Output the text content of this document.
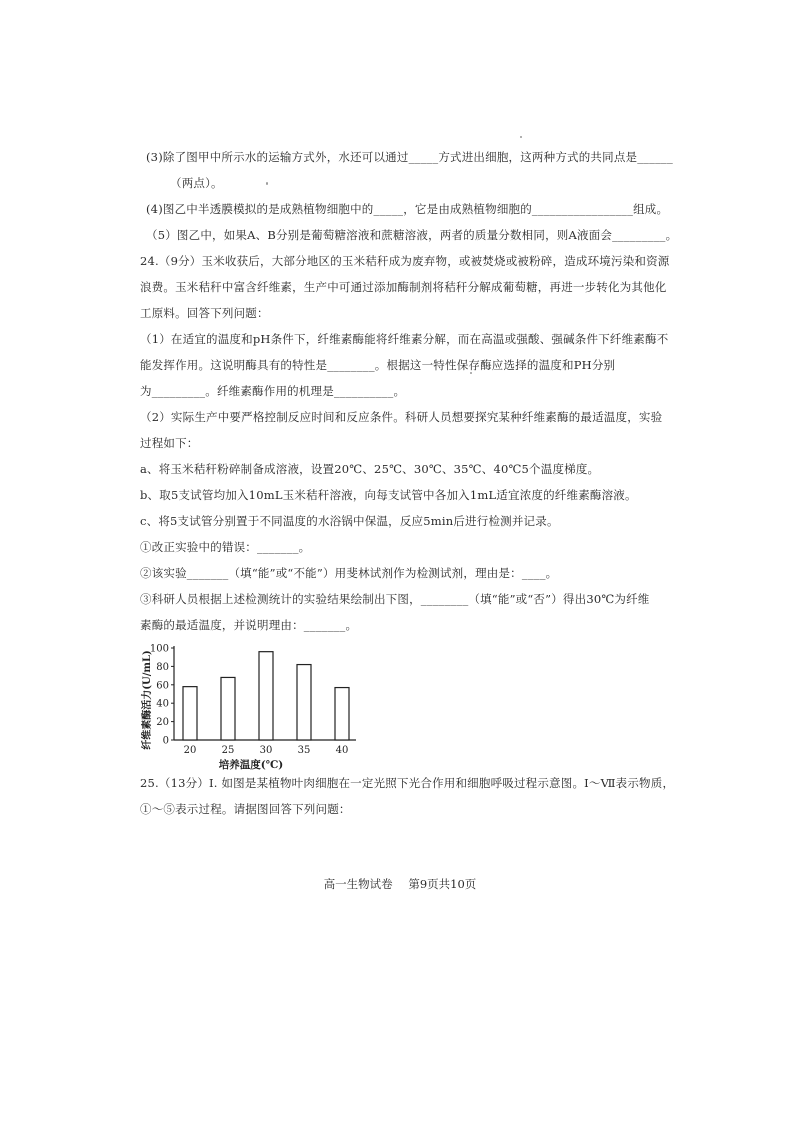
(3)除了图甲中所示水的运输方式外，水还可以通过_____方式进出细胞，这两种方式的共同点是______
（两点）。
(4)图乙中半透膜模拟的是成熟植物细胞中的_____，它是由成熟植物细胞的_________________组成。
（5）图乙中，如果A、B分别是葡萄糖溶液和蔗糖溶液，两者的质量分数相同，则A液面会_________。
24.（9分）玉米收获后，大部分地区的玉米秸秆成为废弃物，或被焚烧或被粉碎，造成环境污染和资源
浪费。玉米秸秆中富含纤维素，生产中可通过添加酶制剂将秸秆分解成葡萄糖，再进一步转化为其他化
工原料。回答下列问题：
（1）在适宜的温度和pH条件下，纤维素酶能将纤维素分解，而在高温或强酸、强碱条件下纤维素酶不
能发挥作用。这说明酶具有的特性是________。根据这一特性保存酶应选择的温度和PH分别
为_________。纤维素酶作用的机理是__________。
（2）实际生产中要严格控制反应时间和反应条件。科研人员想要探究某种纤维素酶的最适温度，实验
过程如下：
a、将玉米秸秆粉碎制备成溶液，设置20℃、25℃、30℃、35℃、40℃5个温度梯度。
b、取5支试管均加入10mL玉米秸秆溶液，向每支试管中各加入1mL适宜浓度的纤维素酶溶液。
c、将5支试管分别置于不同温度的水浴锅中保温，反应5min后进行检测并记录。
①改正实验中的错误：_______。
②该实验_______（填“能”或“不能”）用斐林试剂作为检测试剂，理由是：____。
③科研人员根据上述检测统计的实验结果绘制出下图，________（填“能”或“否”）得出30℃为纤维
素酶的最适温度，并说明理由：_______。
0
20
40
60
80
100
20	25	30	35	40
培养温度(℃)
纤维素酶活力(U/mL)
25.（13分）I. 如图是某植物叶肉细胞在一定光照下光合作用和细胞呼吸过程示意图。Ⅰ～Ⅶ表示物质，
①～⑤表示过程。请据图回答下列问题：
高一生物试卷 第9页共10页
